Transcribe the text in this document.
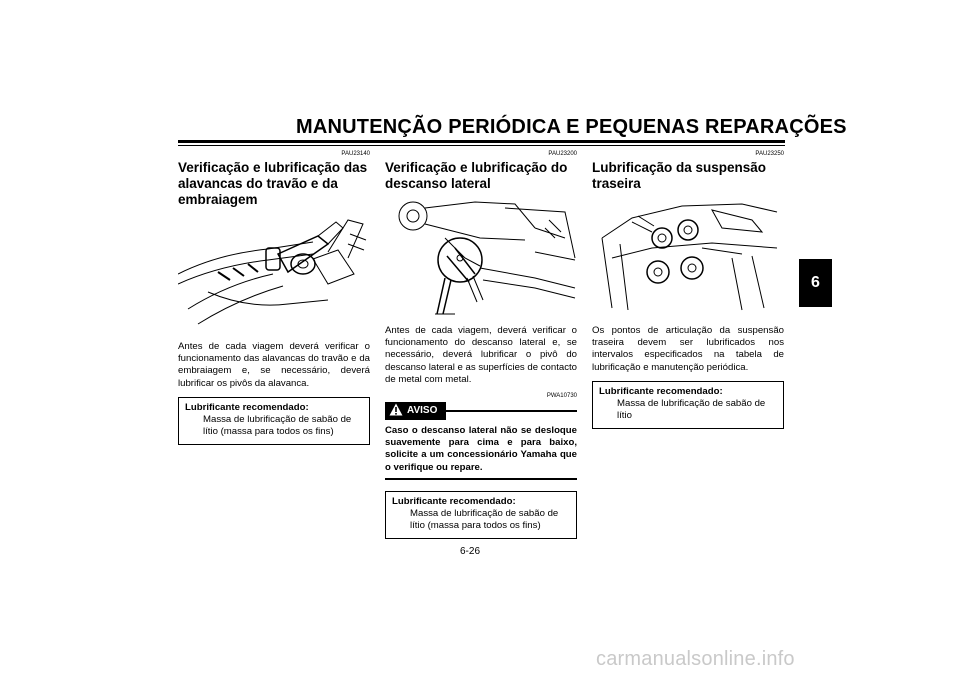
MANUTENÇÃO PERIÓDICA E PEQUENAS REPARAÇÕES
6
PAU23140
Verificação e lubrificação das alavancas do travão e da embraiagem
Antes de cada viagem deverá verificar o funcionamento das alavancas do travão e da embraiagem e, se necessário, deverá lubrificar os pivôs da alavanca.
Lubrificante recomendado:
Massa de lubrificação de sabão de lítio (massa para todos os fins)
PAU23200
Verificação e lubrificação do descanso lateral
Antes de cada viagem, deverá verificar o funcionamento do descanso lateral e, se necessário, deverá lubrificar o pivô do descanso lateral e as superfícies de contacto de metal com metal.
PWA10730
AVISO
Caso o descanso lateral não se desloque suavemente para cima e para baixo, solicite a um concessionário Yamaha que o verifique ou repare.
Lubrificante recomendado:
Massa de lubrificação de sabão de lítio (massa para todos os fins)
PAU23250
Lubrificação da suspensão traseira
Os pontos de articulação da suspensão traseira devem ser lubrificados nos intervalos especificados na tabela de lubrificação e manutenção periódica.
Lubrificante recomendado:
Massa de lubrificação de sabão de lítio
6-26
carmanualsonline.info
